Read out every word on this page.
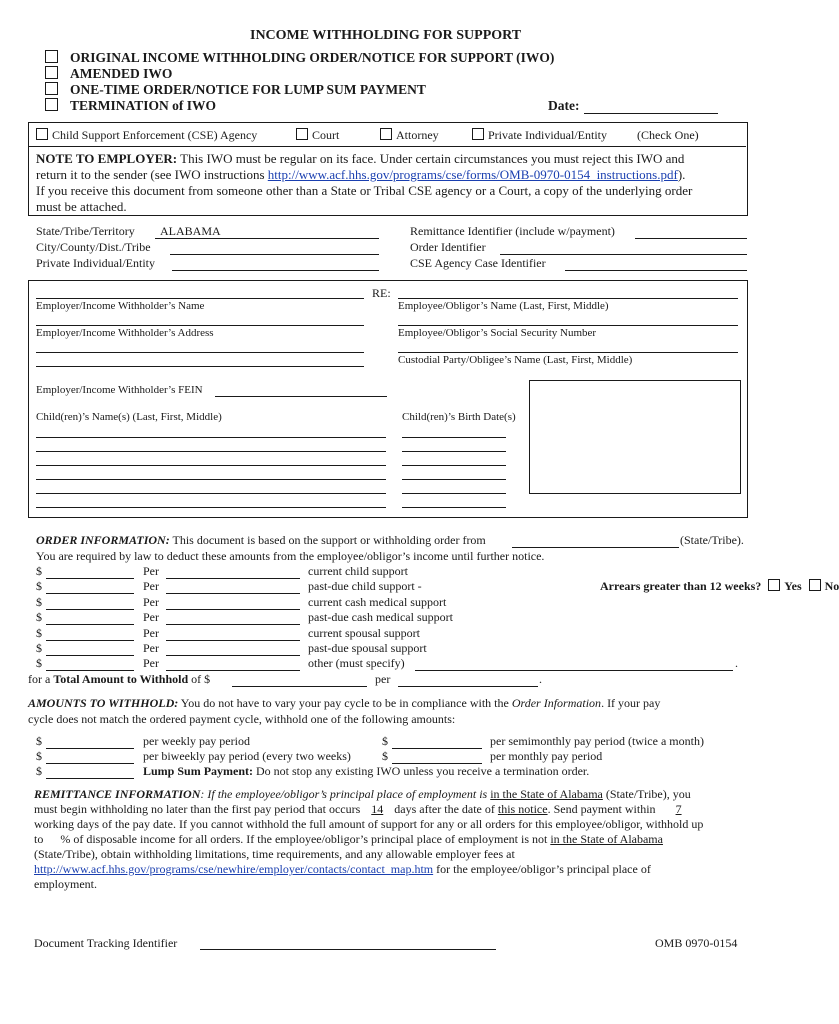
INCOME WITHHOLDING FOR SUPPORT
ORIGINAL INCOME WITHHOLDING ORDER/NOTICE FOR SUPPORT (IWO)
AMENDED IWO
ONE-TIME ORDER/NOTICE FOR LUMP SUM PAYMENT
TERMINATION of IWO	Date:
Child Support Enforcement (CSE) Agency	Court	Attorney	Private Individual/Entity	(Check One)
NOTE TO EMPLOYER: This IWO must be regular on its face. Under certain circumstances you must reject this IWO and
return it to the sender (see IWO instructions http://www.acf.hhs.gov/programs/cse/forms/OMB-0970-0154_instructions.pdf).
If you receive this document from someone other than a State or Tribal CSE agency or a Court, a copy of the underlying order
must be attached.
State/Tribe/Territory ALABAMA
City/County/Dist./Tribe
Private Individual/Entity
Remittance Identifier (include w/payment)
Order Identifier
CSE Agency Case Identifier
RE:
Employer/Income Withholder’s Name	Employee/Obligor’s Name (Last, First, Middle)
Employer/Income Withholder’s Address	Employee/Obligor’s Social Security Number
Custodial Party/Obligee’s Name (Last, First, Middle)
Employer/Income Withholder’s FEIN
Child(ren)’s Name(s) (Last, First, Middle)	Child(ren)’s Birth Date(s)
ORDER INFORMATION: This document is based on the support or withholding order from	(State/Tribe).
You are required by law to deduct these amounts from the employee/obligor’s income until further notice.
$	Per	current child support
$	Per	past-due child support -
$	Per	current cash medical support
$	Per	past-due cash medical support
$	Per	current spousal support
$	Per	past-due spousal support
$	Per	other (must specify)
Arrears greater than 12 weeks? Yes No
.
for a Total Amount to Withhold of $	per	.
AMOUNTS TO WITHHOLD: You do not have to vary your pay cycle to be in compliance with the Order Information. If your pay
cycle does not match the ordered payment cycle, withhold one of the following amounts:
$	per weekly pay period
$	per biweekly pay period (every two weeks)
$	Lump Sum Payment: Do not stop any existing IWO unless you receive a termination order.
$	per semimonthly pay period (twice a month)
$	per monthly pay period
REMITTANCE INFORMATION: If the employee/obligor’s principal place of employment is in the State of Alabama (State/Tribe), you
must begin withholding no later than the first pay period that occurs 14 days after the date of this notice. Send payment within 7
working days of the pay date. If you cannot withhold the full amount of support for any or all orders for this employee/obligor, withhold up
to % of disposable income for all orders. If the employee/obligor’s principal place of employment is not in the State of Alabama
(State/Tribe), obtain withholding limitations, time requirements, and any allowable employer fees at
http://www.acf.hhs.gov/programs/cse/newhire/employer/contacts/contact_map.htm for the employee/obligor’s principal place of
employment.
Document Tracking Identifier	OMB 0970-0154
